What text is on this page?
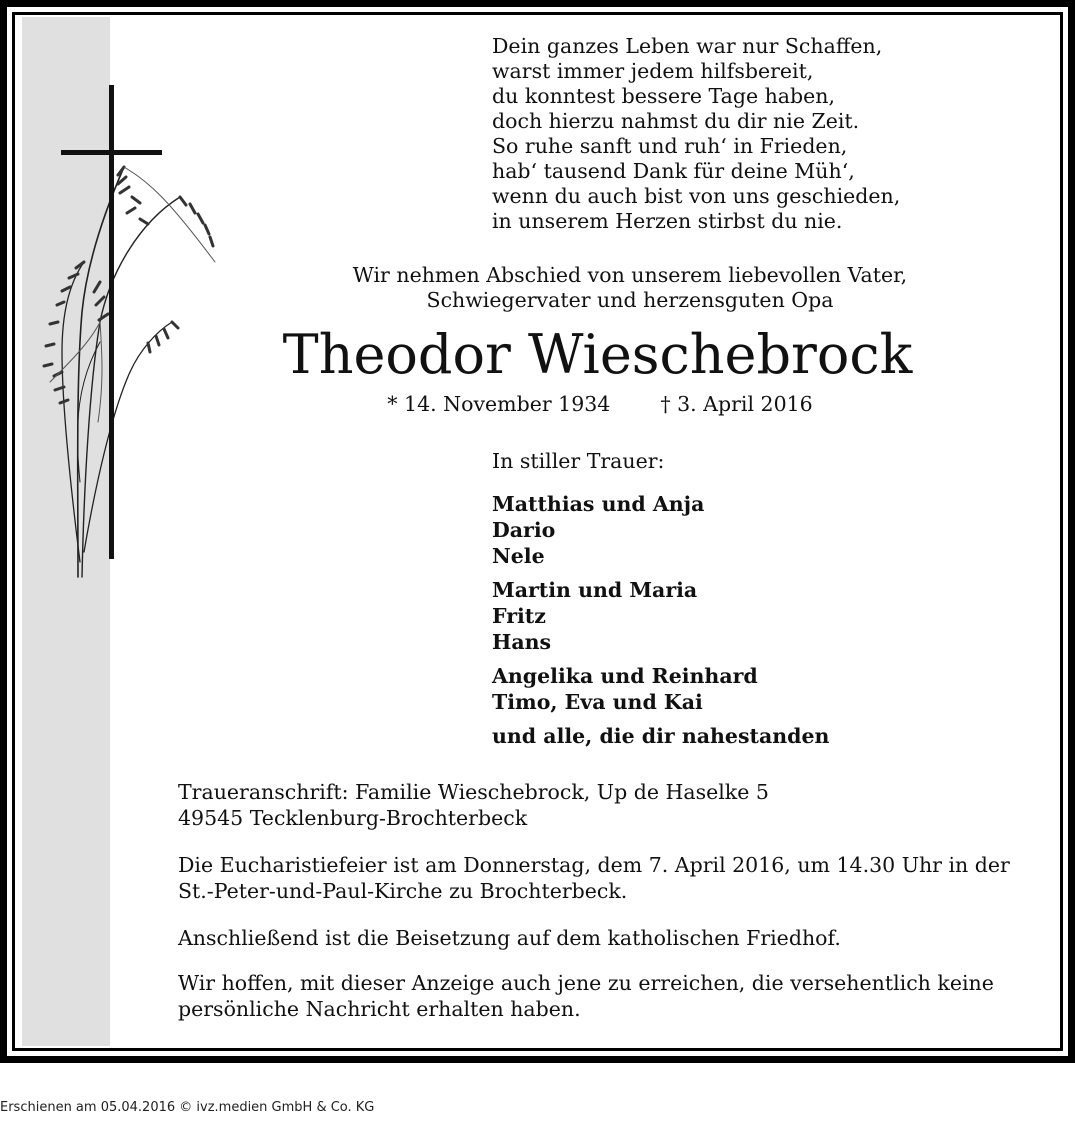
Dein ganzes Leben war nur Schaffen,
warst immer jedem hilfsbereit,
du konntest bessere Tage haben,
doch hierzu nahmst du dir nie Zeit.
So ruhe sanft und ruh‘ in Frieden,
hab‘ tausend Dank für deine Müh‘,
wenn du auch bist von uns geschieden,
in unserem Herzen stirbst du nie.
Wir nehmen Abschied von unserem liebevollen Vater,
Schwiegervater und herzensguten Opa
Theodor Wieschebrock
* 14. November 1934 † 3. April 2016
In stiller Trauer:
Matthias und Anja
Dario
Nele
Martin und Maria
Fritz
Hans
Angelika und Reinhard
Timo, Eva und Kai
und alle, die dir nahestanden
Traueranschrift: Familie Wieschebrock, Up de Haselke 5
49545 Tecklenburg-Brochterbeck
Die Eucharistiefeier ist am Donnerstag, dem 7. April 2016, um 14.30 Uhr in der
St.-Peter-und-Paul-Kirche zu Brochterbeck.
Anschließend ist die Beisetzung auf dem katholischen Friedhof.
Wir hoffen, mit dieser Anzeige auch jene zu erreichen, die versehentlich keine
persönliche Nachricht erhalten haben.
Erschienen am 05.04.2016 © ivz.medien GmbH & Co. KG
